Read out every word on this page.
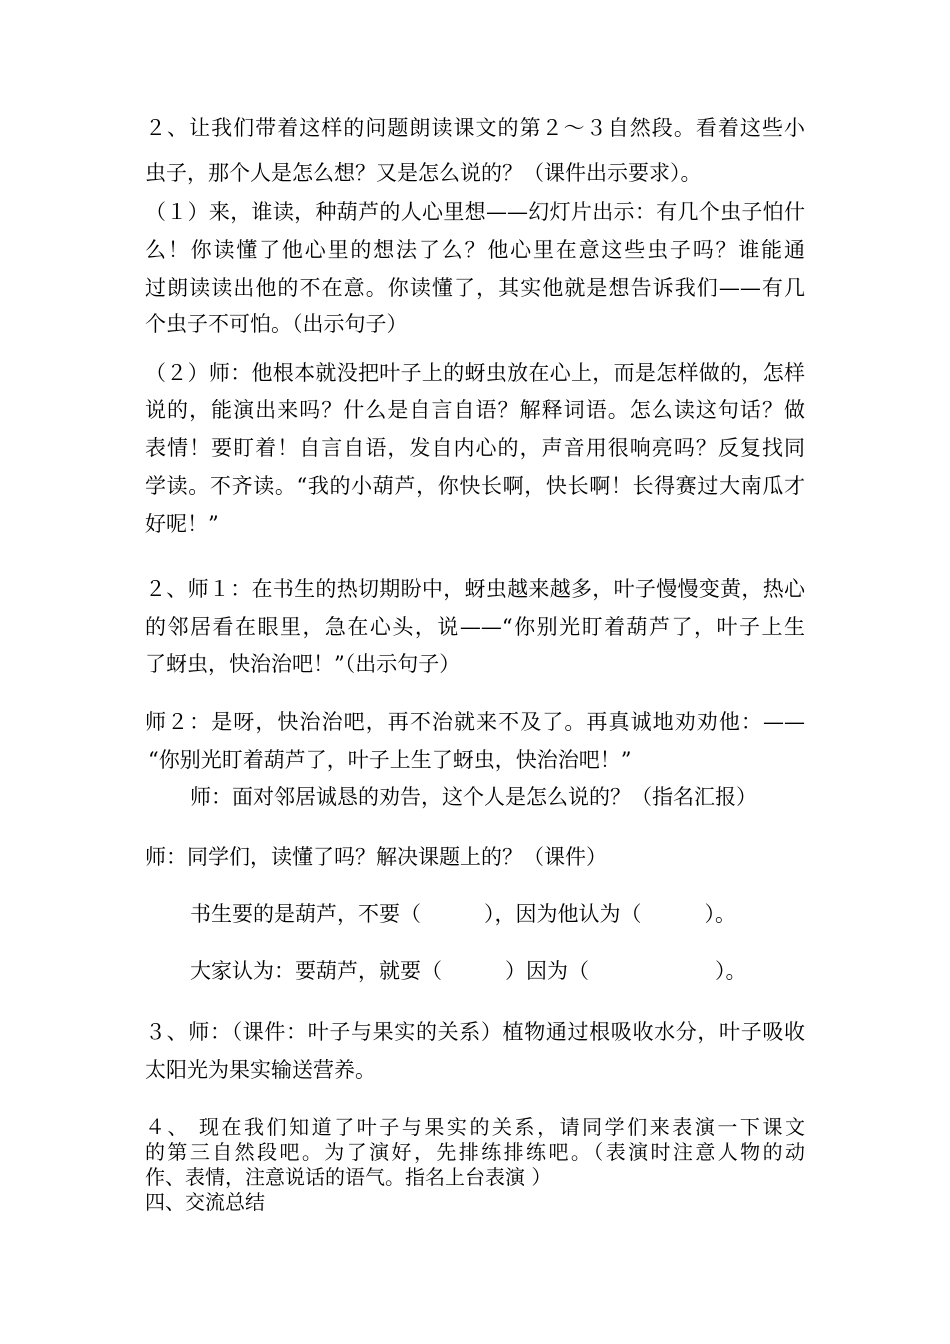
２、让我们带着这样的问题朗读课文的第２～３自然段。看着这些小
虫子，那个人是怎么想？又是怎么说的？（课件出示要求）。
（１）来，谁读，种葫芦的人心里想——幻灯片出示：有几个虫子怕什
么！你读懂了他心里的想法了么？他心里在意这些虫子吗？谁能通
过朗读读出他的不在意。你读懂了，其实他就是想告诉我们——有几
个虫子不可怕。（出示句子）
（２）师：他根本就没把叶子上的蚜虫放在心上，而是怎样做的，怎样
说的，能演出来吗？什么是自言自语？解释词语。怎么读这句话？做
表情！要盯着！自言自语，发自内心的，声音用很响亮吗？反复找同
学读。不齐读。“我的小葫芦，你快长啊，快长啊！长得赛过大南瓜才
好呢！”
２、师１：在书生的热切期盼中，蚜虫越来越多，叶子慢慢变黄，热心
的邻居看在眼里，急在心头，说——“你别光盯着葫芦了，叶子上生
了蚜虫，快治治吧！”（出示句子）
师２：是呀，快治治吧，再不治就来不及了。再真诚地劝劝他：——
“你别光盯着葫芦了，叶子上生了蚜虫，快治治吧！”
师：面对邻居诚恳的劝告，这个人是怎么说的？（指名汇报）
师：同学们，读懂了吗？解决课题上的？（课件）
书生要的是葫芦，不要（　　　），因为他认为（　　　）。
大家认为：要葫芦，就要（　　　）因为（　　　　　　）。
３、师：（课件：叶子与果实的关系）植物通过根吸收水分，叶子吸收
太阳光为果实输送营养。
４、 现在我们知道了叶子与果实的关系，请同学们来表演一下课文
的第三自然段吧。为了演好，先排练排练吧。（表演时注意人物的动
作、表情，注意说话的语气。指名上台表演 ）
四、交流总结
